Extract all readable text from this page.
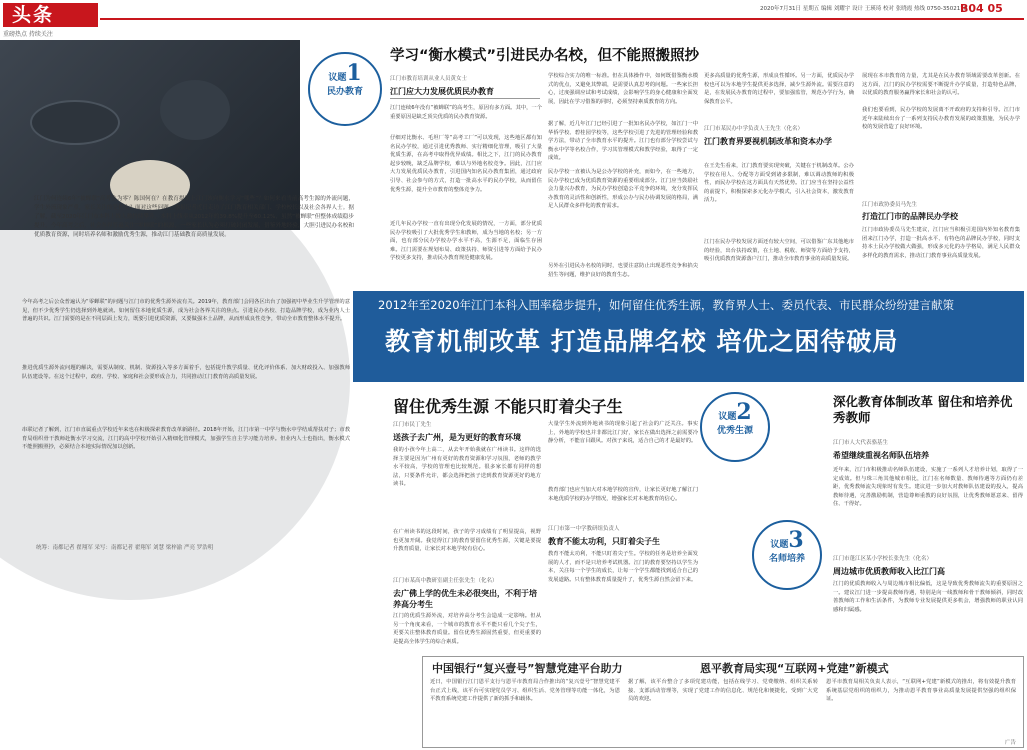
头条
重磅热点 持续关注
2020年7月31日 星期五 编辑 刘耀宇 设计 王瑛琦 校对 张晓霞 热线 0750-3502110
B04 05
江门为何连续6年“被蝉联”高考生为零？陈国何在？在教育提质上江门该向衡水学习“哪些”？如何来看当前高考生源的外流问题，学生外流现象严重，家长关注的是什么？面对这些问题，本报记者近日走访了江门教育相关部门、学校校长以及社会各界人士。据了解，截至2020年江门市本科上线人数持续攀升，本科上线率从2012年的39.8%提升至60.12%，虽然“被蝉联”但整体成绩稳步提升。今年高考之后，社会各界普遍关注“零蝉联”的根源，一些家长认为必须打破封闭发展，借鉴外地经验，大胆引进民办名校和优质教育资源，同时培养名师和激励优秀生源，推动江门基础教育高质量发展。
今年高考之后公众普遍认为“零蝉联”的问题与江门市的优秀生源外流有关。2019年，教育部门会同各区出台了加强初中毕业生升学管理的意见，但不少优秀学生仍选择到外地就读。如何留住本地优质生源，成为社会各界关注的焦点。引进民办名校、打造品牌学校，成为业内人士普遍的共识。江门需要的是在不同层面上发力，既要引进优质资源，又要做强本土品牌，从而形成良性竞争，带动全市教育整体水平提升。
推进优质生源外流问题的解决，需要从制度、机制、资源投入等多方面着手，包括提升教学质量、优化评价体系、加大财政投入、加强教师队伍建设等。在这个过程中，政府、学校、家庭和社会要形成合力，共同推动江门教育的高质量发展。
串联记者了解到，江门市直属重点学校近年来也在积极探索教育改革新路径。2018年开始，江门市第一中学与衡水中学结成帮扶对子；市教育局组织骨干教师赴衡水学习交流，江门的高中学校开始引入精细化管理模式，加强学生自主学习能力培养。但业内人士也指出，衡水模式不能照搬照抄，必须结合本地实际情况加以创新。
统筹：南都记者 翟翔军 采写：南都记者 翟翔军 刘慧 梁梓渝 严亮 罗浩明
学习“衡水模式”引进民办名校，但不能照搬照抄
议题1
民办教育
江门市教育培训从业人员黄女士
江门应大力发展优质民办教育
江门连续6年没有“被蝉联”的高考生，原因有多方面。其中，一个重要原因是缺乏顶尖优质的民办教育资源。
仔细对比衡水、毛坦厂等“高考工厂”可以发现，这些地区都有知名民办学校，通过引进优秀教师、实行精细化管理，吸引了大量优质生源，在高考中取得优异成绩。相比之下，江门的民办教育起步较晚，缺乏品牌学校，难以与外地名校竞争。因此，江门应大力发展优质民办教育，引进国内知名民办教育集团，通过政府引导、社会参与的方式，打造一批高水平的民办学校，从而留住优秀生源，提升全市教育的整体竞争力。
近几年民办学校一直有出现分化发展的情况，一方面，部分优质民办学校吸引了大批优秀学生和教师，成为当地的名校；另一方面，也有部分民办学校办学水平不高，生源不足，面临生存困难。江门需要在规划布局、政策扶持、师资引进等方面给予民办学校更多支持，推动民办教育规范健康发展。
学校综合实力的唯一标准。但在具体操作中，如何既借鉴衡水模式的优点，又避免其弊端，是需要认真思考的问题。一些家长担心，过度强调应试和考试成绩，会影响学生的身心健康和全面发展，因此在学习借鉴的同时，必须坚持素质教育的方向。
据了解，近几年江门已经引进了一批知名民办学校，如江门一中华侨学校、碧桂园学校等，这些学校引进了先进的管理经验和教学方法，带动了全市教育水平的提升。江门也有部分学校尝试与衡水中学等名校合作，学习其管理模式和教学经验，取得了一定成效。
民办学校一直被认为是公办学校的补充，而如今，在一些地方，民办学校已成为优质教育资源的重要组成部分。江门应当鼓励社会力量兴办教育，为民办学校创造公平竞争的环境，充分发挥民办教育的灵活性和创新性，形成公办与民办协调发展的格局，满足人民群众多样化的教育需求。
另外在引进民办名校的同时，也要注意防止出现恶性竞争和掐尖招生等问题，维护良好的教育生态。
更多高质量的优秀生源，形成良性循环。另一方面，优质民办学校也可以为本地学生提供更多选择，减少生源外流。需要注意的是，在发展民办教育的过程中，要加强监管，规范办学行为，确保教育公平。
江门市某民办中学负责人王先生（化名）
江门教育界要视机制改革和资本办学
在王先生看来，江门教育要实现突破，关键在于机制改革。公办学校在用人、分配等方面受到诸多限制，难以调动教师的积极性，而民办学校在这方面具有天然优势。江门应当在坚持公益性的前提下，积极探索多元化办学模式，引入社会资本，激发教育活力。
江门在民办学校发展方面还有较大空间，可以借鉴广东其他地市的经验，出台扶持政策，在土地、税收、师资等方面给予支持，吸引优质教育资源落户江门，推动全市教育事业的高质量发展。
展现在本市教育的力量，尤其是在民办教育领域需要改革创新。在这方面，江门的民办学校需要不断提升办学质量，打造特色品牌，以优质的教育服务赢得家长和社会的认可。
我们也要看到，民办学校的发展离不开政府的支持和引导。江门市近年来陆续出台了一系列支持民办教育发展的政策措施，为民办学校的发展营造了良好环境。
江门市政协委员马先生
打造江门市的品牌民办学校
江门市政协委员马先生建议，江门应当积极引进国内外知名教育集团来江门办学，打造一批高水平、有特色的品牌民办学校，同时支持本土民办学校做大做强，形成多元化的办学格局，满足人民群众多样化的教育需求，推动江门教育事业高质量发展。
2012年至2020年江门本科入围率稳步提升，如何留住优秀生源，教育界人士、委员代表、市民群众纷纷建言献策
教育机制改革 打造品牌名校 培优之困待破局
留住优秀生源 不能只盯着尖子生
江门市民丁先生
送孩子去广州，是为更好的教育环境
我的小孩今年上高二，从去年开始我就在广州读书。这样的选择主要是因为广州有更好的教育资源和学习氛围，老师的教学水平较高，学校的管理也比较规范。很多家长都有同样的想法，只要条件允许，都会选择把孩子送到教育资源更好的地方读书。
在广州读书的这段时间，孩子的学习成绩有了明显提高，视野也更加开阔。我觉得江门的教育要留住优秀生源，关键是要提升教育质量，让家长对本地学校有信心。
江门市某高中教研室副主任张先生（化名）
去广佛上学的优生未必很突出，不利于培养高分考生
江门的优质生源外流，对培养高分考生会造成一定影响。但从另一个角度来看，一个城市的教育水平不能只看几个尖子生，更要关注整体教育质量。留住优秀生源固然重要，但更重要的是提高全体学生的综合素质。
大量学生外流到外地读书的现象引起了社会的广泛关注。事实上，外地的学校也并非都比江门好，家长在做出选择之前需要冷静分析，不能盲目跟风。对孩子来说，适合自己的才是最好的。
教育部门也应当加大对本地学校的宣传，让家长更好地了解江门本地优质学校的办学情况，增强家长对本地教育的信心。
江门市第一中学教研组负责人
教育不能太功利，只盯着尖子生
教育不能太功利，不能只盯着尖子生。学校的任务是培养全面发展的人才，而不是只培养考试机器。江门的教育要坚持以学生为本，关注每一个学生的成长，让每一个学生都能找到适合自己的发展道路。只有整体教育质量提升了，优秀生源自然会留下来。
议题2
优秀生源
议题3
名师培养
深化教育体制改革 留住和培养优秀教师
江门市人大代表骆基生
希望继续重视名师队伍培养
近年来，江门市积极推动名师队伍建设，实施了一系列人才培养计划，取得了一定成效。但与珠三角其他城市相比，江门在名师数量、教师待遇等方面仍有差距，优秀教师流失现象时有发生。建议进一步加大对教师队伍建设的投入，提高教师待遇，完善激励机制，营造尊师重教的良好氛围，让优秀教师愿意来、留得住、干得好。
江门市蓬江区某小学校长张先生（化名）
周边城市优质教师收入比江门高
江门的优质教师收入与周边城市相比偏低，这是导致优秀教师流失的重要原因之一。建议江门进一步提高教师待遇，特别是向一线教师和骨干教师倾斜，同时改善教师的工作和生活条件，为教师专业发展提供更多机会，增强教师的职业认同感和归属感。
中国银行“复兴壹号”智慧党建平台助力	恩平教育局实现“互联网+党建”新模式
近日，中国银行江门恩平支行与恩平市教育局合作推出的“复兴壹号”智慧党建平台正式上线，该平台可实现党员学习、组织生活、党务管理等功能一体化，为恩平教育系统党建工作提供了新的抓手和载体。
据了解，该平台整合了多项党建功能，包括在线学习、党费缴纳、组织关系转接、支部活动管理等，实现了党建工作的信息化、规范化和便捷化，受到广大党员的欢迎。
恩平市教育局相关负责人表示，“互联网+党建”新模式的推出，将有效提升教育系统基层党组织的组织力，为推动恩平教育事业高质量发展提供坚强的组织保证。
广告
